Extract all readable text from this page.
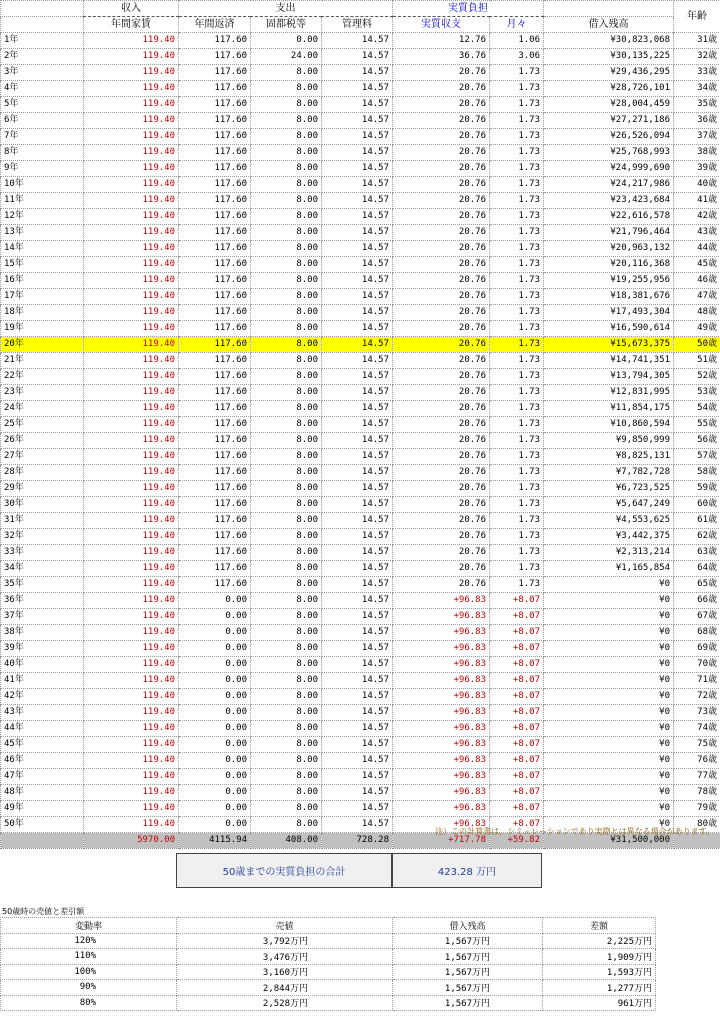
	収入	支出			実質負担			年齢
	年間家賃	年間返済	固都税等	管理料	実質収支	月々	借入残高	
1年	119.40	117.60	0.00	14.57	12.76	1.06	¥30,823,068	31歳
2年	119.40	117.60	24.00	14.57	36.76	3.06	¥30,135,225	32歳
3年	119.40	117.60	8.00	14.57	20.76	1.73	¥29,436,295	33歳
4年	119.40	117.60	8.00	14.57	20.76	1.73	¥28,726,101	34歳
5年	119.40	117.60	8.00	14.57	20.76	1.73	¥28,004,459	35歳
6年	119.40	117.60	8.00	14.57	20.76	1.73	¥27,271,186	36歳
7年	119.40	117.60	8.00	14.57	20.76	1.73	¥26,526,094	37歳
8年	119.40	117.60	8.00	14.57	20.76	1.73	¥25,768,993	38歳
9年	119.40	117.60	8.00	14.57	20.76	1.73	¥24,999,690	39歳
10年	119.40	117.60	8.00	14.57	20.76	1.73	¥24,217,986	40歳
11年	119.40	117.60	8.00	14.57	20.76	1.73	¥23,423,684	41歳
12年	119.40	117.60	8.00	14.57	20.76	1.73	¥22,616,578	42歳
13年	119.40	117.60	8.00	14.57	20.76	1.73	¥21,796,464	43歳
14年	119.40	117.60	8.00	14.57	20.76	1.73	¥20,963,132	44歳
15年	119.40	117.60	8.00	14.57	20.76	1.73	¥20,116,368	45歳
16年	119.40	117.60	8.00	14.57	20.76	1.73	¥19,255,956	46歳
17年	119.40	117.60	8.00	14.57	20.76	1.73	¥18,381,676	47歳
18年	119.40	117.60	8.00	14.57	20.76	1.73	¥17,493,304	48歳
19年	119.40	117.60	8.00	14.57	20.76	1.73	¥16,590,614	49歳
20年	119.40	117.60	8.00	14.57	20.76	1.73	¥15,673,375	50歳
21年	119.40	117.60	8.00	14.57	20.76	1.73	¥14,741,351	51歳
22年	119.40	117.60	8.00	14.57	20.76	1.73	¥13,794,305	52歳
23年	119.40	117.60	8.00	14.57	20.76	1.73	¥12,831,995	53歳
24年	119.40	117.60	8.00	14.57	20.76	1.73	¥11,854,175	54歳
25年	119.40	117.60	8.00	14.57	20.76	1.73	¥10,860,594	55歳
26年	119.40	117.60	8.00	14.57	20.76	1.73	¥9,850,999	56歳
27年	119.40	117.60	8.00	14.57	20.76	1.73	¥8,825,131	57歳
28年	119.40	117.60	8.00	14.57	20.76	1.73	¥7,782,728	58歳
29年	119.40	117.60	8.00	14.57	20.76	1.73	¥6,723,525	59歳
30年	119.40	117.60	8.00	14.57	20.76	1.73	¥5,647,249	60歳
31年	119.40	117.60	8.00	14.57	20.76	1.73	¥4,553,625	61歳
32年	119.40	117.60	8.00	14.57	20.76	1.73	¥3,442,375	62歳
33年	119.40	117.60	8.00	14.57	20.76	1.73	¥2,313,214	63歳
34年	119.40	117.60	8.00	14.57	20.76	1.73	¥1,165,854	64歳
35年	119.40	117.60	8.00	14.57	20.76	1.73	¥0	65歳
36年	119.40	0.00	8.00	14.57	+96.83	+8.07	¥0	66歳
37年	119.40	0.00	8.00	14.57	+96.83	+8.07	¥0	67歳
38年	119.40	0.00	8.00	14.57	+96.83	+8.07	¥0	68歳
39年	119.40	0.00	8.00	14.57	+96.83	+8.07	¥0	69歳
40年	119.40	0.00	8.00	14.57	+96.83	+8.07	¥0	70歳
41年	119.40	0.00	8.00	14.57	+96.83	+8.07	¥0	71歳
42年	119.40	0.00	8.00	14.57	+96.83	+8.07	¥0	72歳
43年	119.40	0.00	8.00	14.57	+96.83	+8.07	¥0	73歳
44年	119.40	0.00	8.00	14.57	+96.83	+8.07	¥0	74歳
45年	119.40	0.00	8.00	14.57	+96.83	+8.07	¥0	75歳
46年	119.40	0.00	8.00	14.57	+96.83	+8.07	¥0	76歳
47年	119.40	0.00	8.00	14.57	+96.83	+8.07	¥0	77歳
48年	119.40	0.00	8.00	14.57	+96.83	+8.07	¥0	78歳
49年	119.40	0.00	8.00	14.57	+96.83	+8.07	¥0	79歳
50年	119.40	0.00	8.00	14.57	+96.83	+8.07	¥0	80歳
	5970.00	4115.94	408.00	728.28	+717.78	+59.82	¥31,500,000	
注）この計算書は、シミュレーションであり実際とは異なる場合があります。
50歳までの実質負担の合計	423.28 万円
50歳時の売値と差引額
変動率	売値	借入残高	差額
120%	3,792万円	1,567万円	2,225万円
110%	3,476万円	1,567万円	1,909万円
100%	3,160万円	1,567万円	1,593万円
90%	2,844万円	1,567万円	1,277万円
80%	2,528万円	1,567万円	961万円
